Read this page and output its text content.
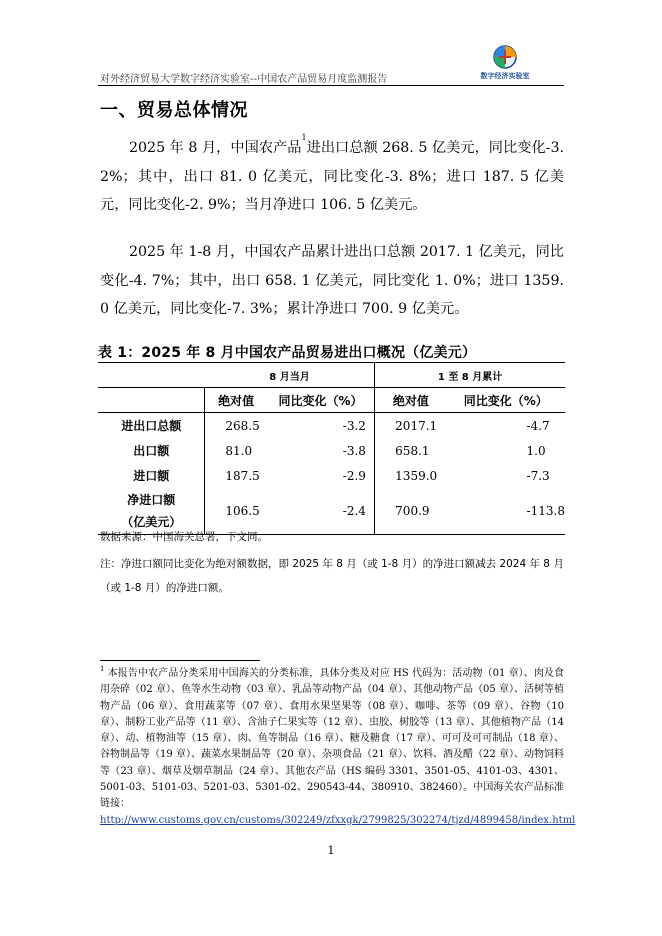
对外经济贸易大学数字经济实验室--中国农产品贸易月度监测报告	数字经济实验室
一、贸易总体情况

2025 年 8 月，中国农产品$^1$进出口总额 268. 5 亿美元，同比变化-3. 2%；其中，出口 81. 0 亿美元，同比变化-3. 8%；进口 187. 5 亿美元，同比变化-2. 9%；当月净进口 106. 5 亿美元。

2025 年 1-8 月，中国农产品累计进出口总额 2017. 1 亿美元，同比变化-4. 7%；其中，出口 658. 1 亿美元，同比变化 1. 0%；进口 1359. 0 亿美元，同比变化-7. 3%；累计净进口 700. 9 亿美元。

表 1：2025 年 8 月中国农产品贸易进出口概况（亿美元）
	8 月当月		1 至 8 月累计	
	绝对值	同比变化（%）	绝对值	同比变化（%）
进出口总额	268.5	-3.2	2017.1	-4.7
出口额	81.0	-3.8	658.1	1.0
进口额	187.5	-2.9	1359.0	-7.3

净进口额
（亿美元）	106.5	-2.4	700.9	-113.8

数据来源：中国海关总署，下文同。

注：净进口额同比变化为绝对额数据，即 2025 年 8 月（或 1-8 月）的净进口额减去 2024 年 8 月（或 1-8 月）的净进口额。

$^1$ 本报告中农产品分类采用中国海关的分类标准，具体分类及对应 HS 代码为：活动物（01 章）、肉及食用杂碎（02 章）、鱼等水生动物（03 章）、乳品等动物产品（04 章）、其他动物产品（05 章）、活树等植物产品（06 章）、食用蔬菜等（07 章）、食用水果坚果等（08 章）、咖啡、茶等（09 章）、谷物（10 章）、制粉工业产品等（11 章）、含油子仁果实等（12 章）、虫胶、树胶等（13 章）、其他植物产品（14 章）、动、植物油等（15 章）、肉、鱼等制品（16 章）、糖及糖食（17 章）、可可及可可制品（18 章）、谷物制品等（19 章）、蔬菜水果制品等（20 章）、杂项食品（21 章）、饮料、酒及醋（22 章）、动物饲料等（23 章）、烟草及烟草制品（24 章）、其他农产品（HS 编码 3301、3501-05、4101-03、4301、5001-03、5101-03、5201-03、5301-02、290543-44、380910、382460）。中国海关农产品标准链接：
http://www.customs.gov.cn/customs/302249/zfxxgk/2799825/302274/tjzd/4899458/index.html

1
